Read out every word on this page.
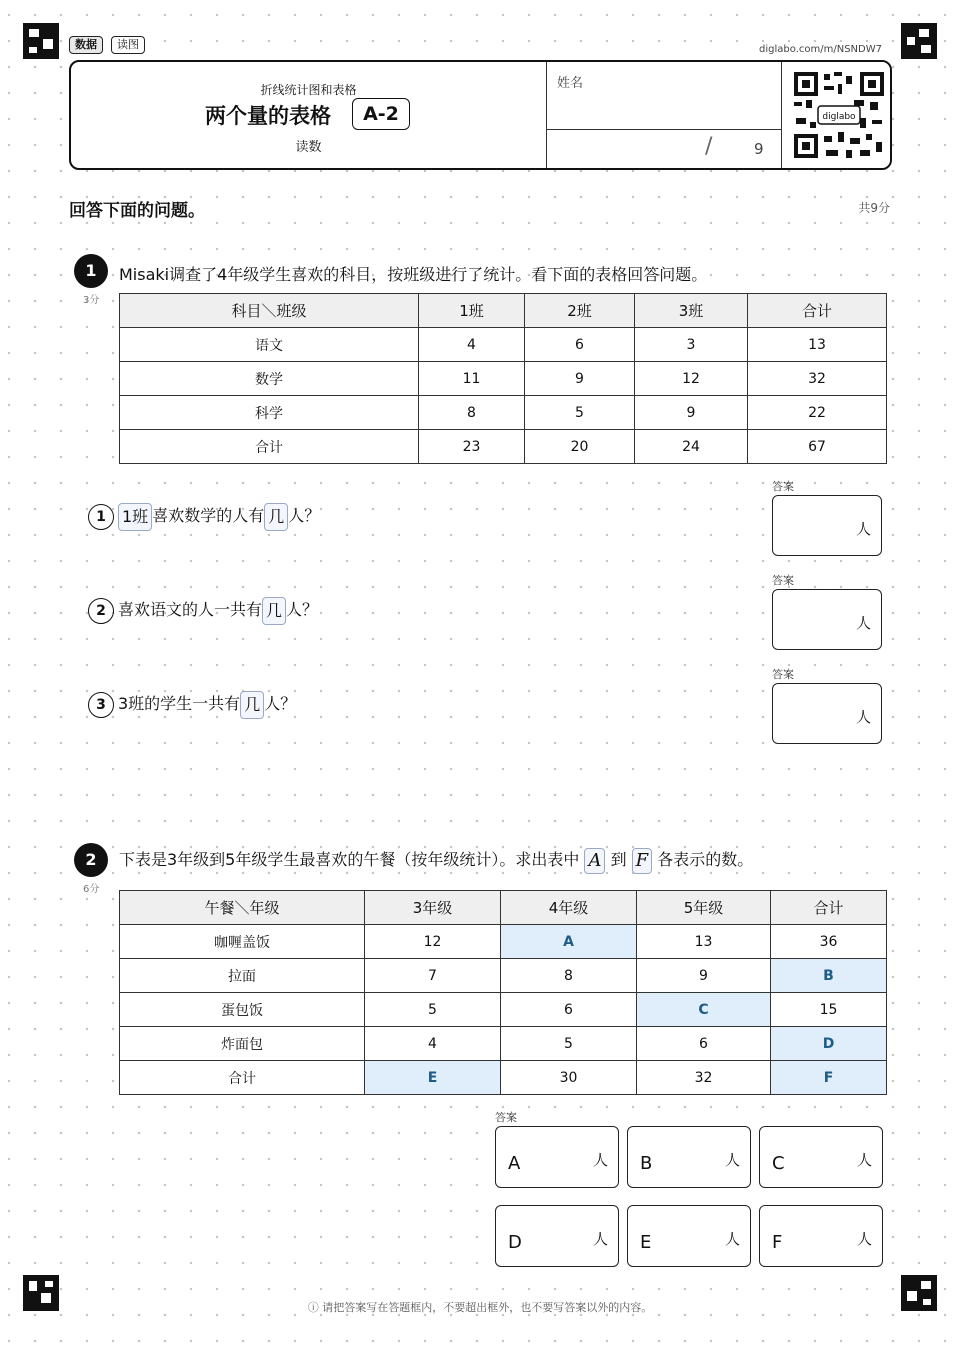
数据	读图	diglabo.com/m/NSNDW7
折线统计图和表格
两个量的表格	A-2
读数
姓名
/	9
diglabo
回答下面的问题。	共9分
1
3分
Misaki调查了4年级学生喜欢的科目，按班级进行了统计。看下面的表格回答问题。
科目＼班级	1班	2班	3班	合计
语文	4	6	3	13
数学	11	9	12	32
科学	8	5	9	22
合计	23	20	24	67
1 1班 喜欢数学的人有 几 人？
2 喜欢语文的人一共有 几 人？
3 3班的学生一共有 几 人？
答案
人
答案
人
答案
人
2
6分
下表是3年级到5年级学生最喜欢的午餐（按年级统计）。求出表中 A 到 F 各表示的数。
午餐＼年级	3年级	4年级	5年级	合计
咖喱盖饭	12	A	13	36
拉面	7	8	9	B
蛋包饭	5	6	C	15
炸面包	4	5	6	D
合计	E	30	32	F
答案
A	人 B	人 C	人
D	人 E	人 F	人
ⓘ 请把答案写在答题框内，不要超出框外，也不要写答案以外的内容。
